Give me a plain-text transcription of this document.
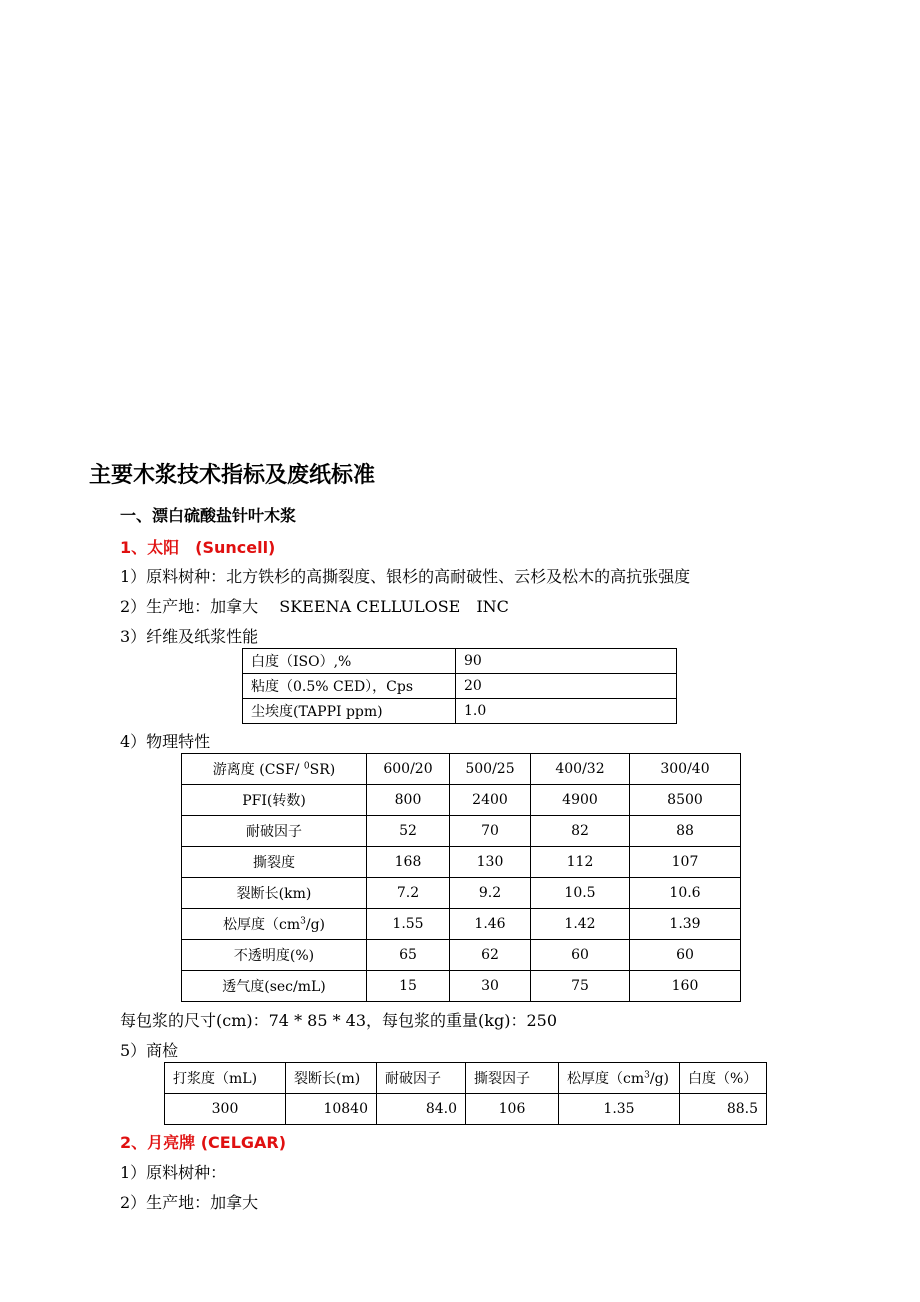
主要木浆技术指标及废纸标准
一、漂白硫酸盐针叶木浆
1、太阳　(Suncell)
1）原料树种：北方铁杉的高撕裂度、银杉的高耐破性、云杉及松木的高抗张强度
2）生产地：加拿大　 SKEENA CELLULOSE　INC
3）纤维及纸浆性能
白度（ISO）,%	90
粘度（0.5% CED），Cps	20
尘埃度(TAPPI ppm)	1.0
4）物理特性
游离度 (CSF/ $^0$SR)	600/20	500/25	400/32	300/40
PFI(转数)	800	2400	4900	8500
耐破因子	52	70	82	88
撕裂度	168	130	112	107
裂断长(km)	7.2	9.2	10.5	10.6
松厚度$(cm^3/g)$	1.55	1.46	1.42	1.39
不透明度(%)	65	62	60	60
透气度(sec/mL)	15	30	75	160
每包浆的尺寸(cm)：74 * 85 * 43，每包浆的重量(kg)：250
5）商检
打浆度（mL)	裂断长(m)	耐破因子	撕裂因子	松厚度$(cm^3/g)$	白度（%）
300	10840	84.0	106	1.35	88.5
2、月亮牌 (CELGAR)
1）原料树种：
2）生产地：加拿大
